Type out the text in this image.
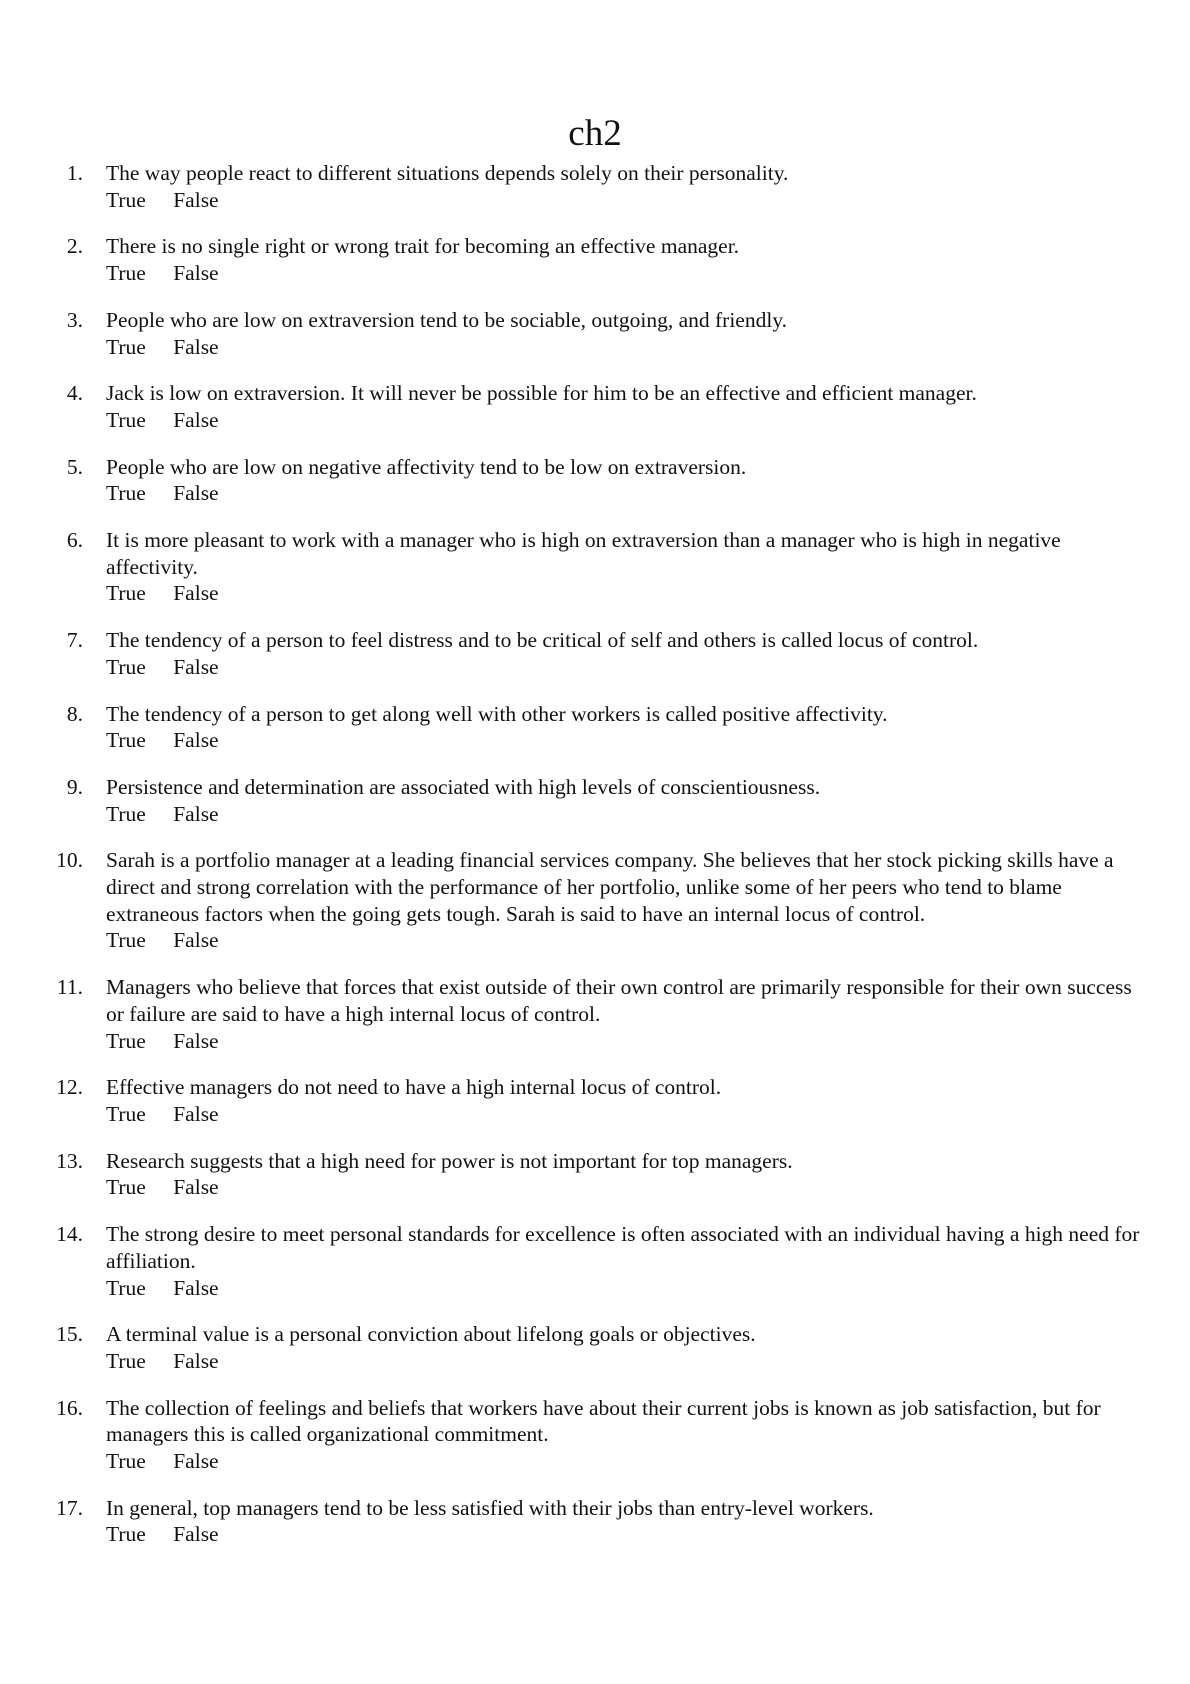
ch2
1. The way people react to different situations depends solely on their personality.
True False
2. There is no single right or wrong trait for becoming an effective manager.
True False
3. People who are low on extraversion tend to be sociable, outgoing, and friendly.
True False
4. Jack is low on extraversion. It will never be possible for him to be an effective and efficient manager.
True False
5. People who are low on negative affectivity tend to be low on extraversion.
True False
6. It is more pleasant to work with a manager who is high on extraversion than a manager who is high in negative affectivity.
True False
7. The tendency of a person to feel distress and to be critical of self and others is called locus of control.
True False
8. The tendency of a person to get along well with other workers is called positive affectivity.
True False
9. Persistence and determination are associated with high levels of conscientiousness.
True False
10. Sarah is a portfolio manager at a leading financial services company. She believes that her stock picking skills have a direct and strong correlation with the performance of her portfolio, unlike some of her peers who tend to blame extraneous factors when the going gets tough. Sarah is said to have an internal locus of control.
True False
11. Managers who believe that forces that exist outside of their own control are primarily responsible for their own success or failure are said to have a high internal locus of control.
True False
12. Effective managers do not need to have a high internal locus of control.
True False
13. Research suggests that a high need for power is not important for top managers.
True False
14. The strong desire to meet personal standards for excellence is often associated with an individual having a high need for affiliation.
True False
15. A terminal value is a personal conviction about lifelong goals or objectives.
True False
16. The collection of feelings and beliefs that workers have about their current jobs is known as job satisfaction, but for managers this is called organizational commitment.
True False
17. In general, top managers tend to be less satisfied with their jobs than entry-level workers.
True False
